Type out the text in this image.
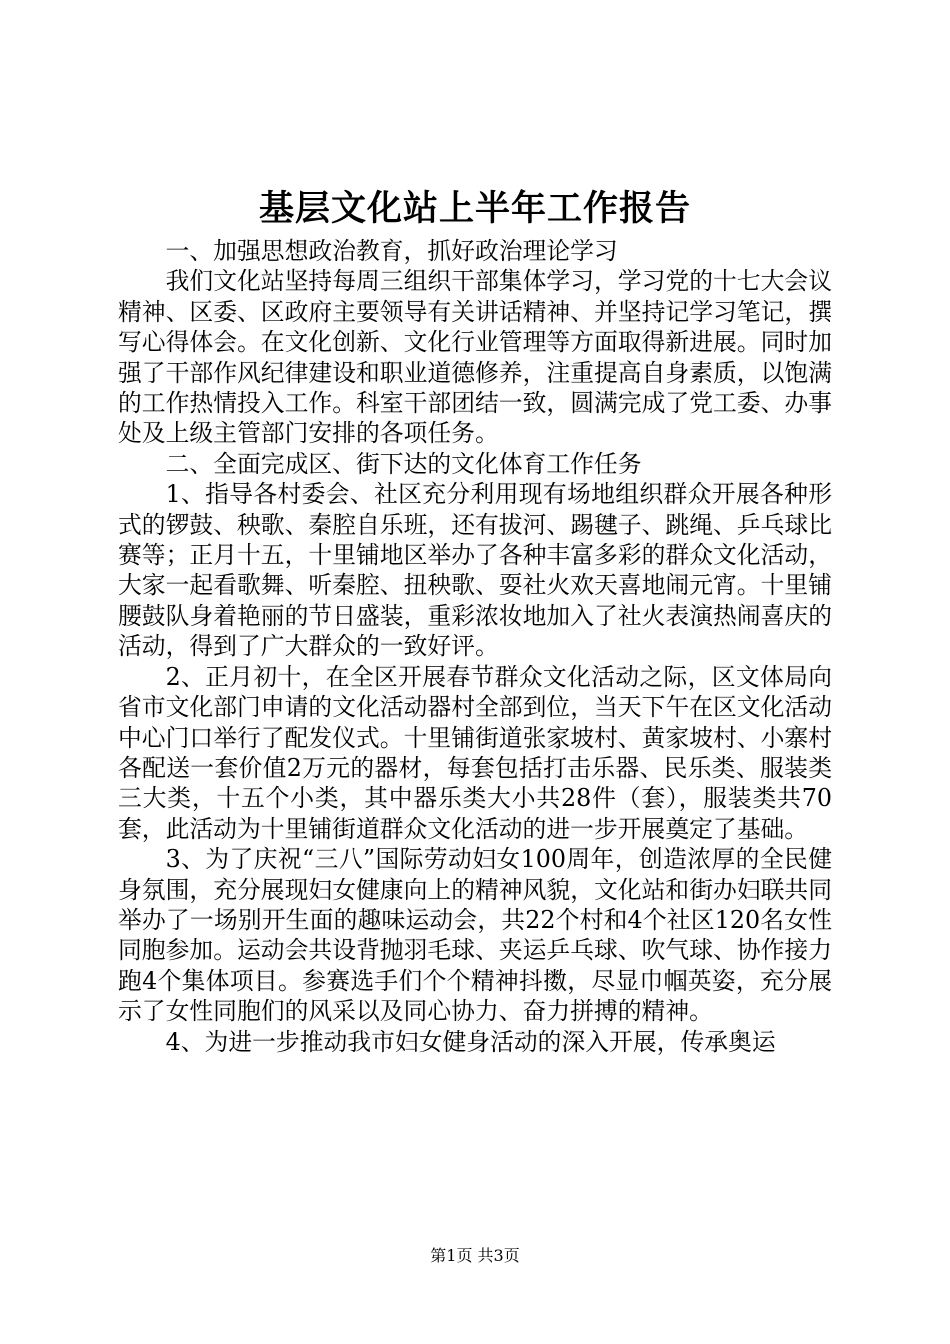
基层文化站上半年工作报告

一、加强思想政治教育，抓好政治理论学习

我们文化站坚持每周三组织干部集体学习，学习党的十七大会议精神、区委、区政府主要领导有关讲话精神、并坚持记学习笔记，撰写心得体会。在文化创新、文化行业管理等方面取得新进展。同时加强了干部作风纪律建设和职业道德修养，注重提高自身素质，以饱满的工作热情投入工作。科室干部团结一致，圆满完成了党工委、办事处及上级主管部门安排的各项任务。

二、全面完成区、街下达的文化体育工作任务

1、指导各村委会、社区充分利用现有场地组织群众开展各种形式的锣鼓、秧歌、秦腔自乐班，还有拔河、踢毽子、跳绳、乒乓球比赛等；正月十五，十里铺地区举办了各种丰富多彩的群众文化活动，大家一起看歌舞、听秦腔、扭秧歌、耍社火欢天喜地闹元宵。十里铺腰鼓队身着艳丽的节日盛装，重彩浓妆地加入了社火表演热闹喜庆的活动，得到了广大群众的一致好评。

2、正月初十，在全区开展春节群众文化活动之际，区文体局向省市文化部门申请的文化活动器村全部到位，当天下午在区文化活动中心门口举行了配发仪式。十里铺街道张家坡村、黄家坡村、小寨村各配送一套价值2万元的器材，每套包括打击乐器、民乐类、服装类三大类，十五个小类，其中器乐类大小共28件（套），服装类共70套，此活动为十里铺街道群众文化活动的进一步开展奠定了基础。

3、为了庆祝“三八”国际劳动妇女100周年，创造浓厚的全民健身氛围，充分展现妇女健康向上的精神风貌，文化站和街办妇联共同举办了一场别开生面的趣味运动会，共22个村和4个社区120名女性同胞参加。运动会共设背抛羽毛球、夹运乒乓球、吹气球、协作接力跑4个集体项目。参赛选手们个个精神抖擞，尽显巾帼英姿，充分展示了女性同胞们的风采以及同心协力、奋力拼搏的精神。

4、为进一步推动我市妇女健身活动的深入开展，传承奥运

第1页 共3页
